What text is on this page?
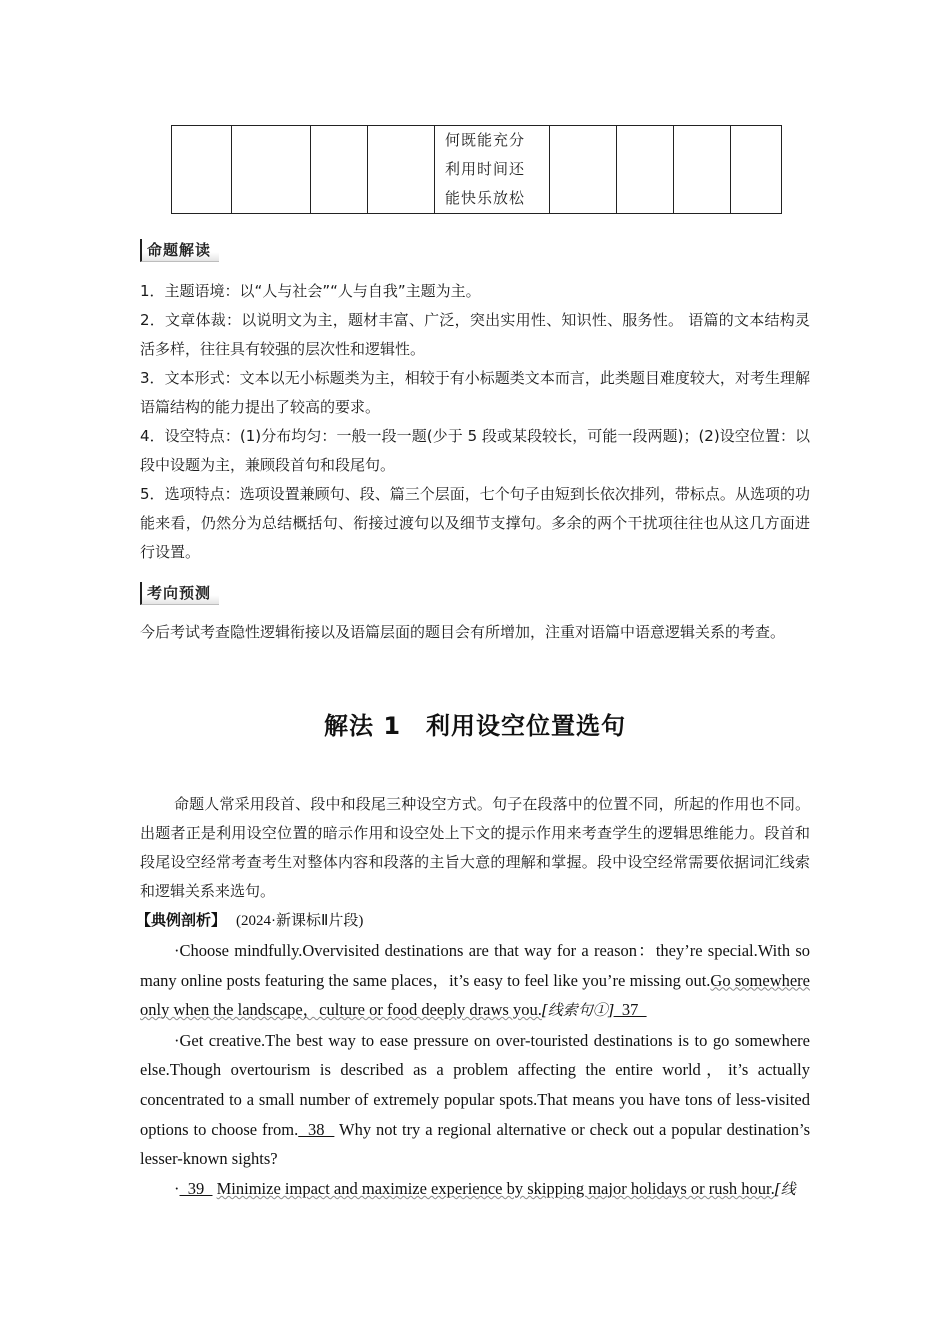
何既能充分
利用时间还
能快乐放松

命题解读

1．主题语境：以“人与社会”“人与自我”主题为主。

2．文章体裁：以说明文为主，题材丰富、广泛，突出实用性、知识性、服务性。 语篇的文本结构灵活多样，往往具有较强的层次性和逻辑性。

3．文本形式：文本以无小标题类为主，相较于有小标题类文本而言，此类题目难度较大，对考生理解语篇结构的能力提出了较高的要求。

4．设空特点：(1)分布均匀：一般一段一题(少于 5 段或某段较长，可能一段两题)；(2)设空位置：以段中设题为主，兼顾段首句和段尾句。

5．选项特点：选项设置兼顾句、段、篇三个层面，七个句子由短到长依次排列，带标点。从选项的功能来看，仍然分为总结概括句、衔接过渡句以及细节支撑句。多余的两个干扰项往往也从这几方面进行设置。

考向预测

今后考试考查隐性逻辑衔接以及语篇层面的题目会有所增加，注重对语篇中语意逻辑关系的考查。

解法 1　利用设空位置选句

命题人常采用段首、段中和段尾三种设空方式。句子在段落中的位置不同，所起的作用也不同。出题者正是利用设空位置的暗示作用和设空处上下文的提示作用来考查学生的逻辑思维能力。段首和段尾设空经常考查考生对整体内容和段落的主旨大意的理解和掌握。段中设空经常需要依据词汇线索和逻辑关系来选句。

【典例剖析】 (2024·新课标Ⅱ片段)

·Choose mindfully.Overvisited destinations are that way for a reason：they’re special.With so many online posts featuring the same places，it’s easy to feel like you’re missing out.Go somewhere only when the landscape，culture or food deeply draws you.[线索句①]  37

·Get creative.The best way to ease pressure on over-touristed destinations is to go somewhere else.Though overtourism is described as a problem affecting the entire world，it’s actually concentrated to a small number of extremely popular spots.That means you have tons of less-visited options to choose from.  38   Why not try a regional alternative or check out a popular destination’s lesser-known sights?

·  39   Minimize impact and maximize experience by skipping major holidays or rush hour.[线
